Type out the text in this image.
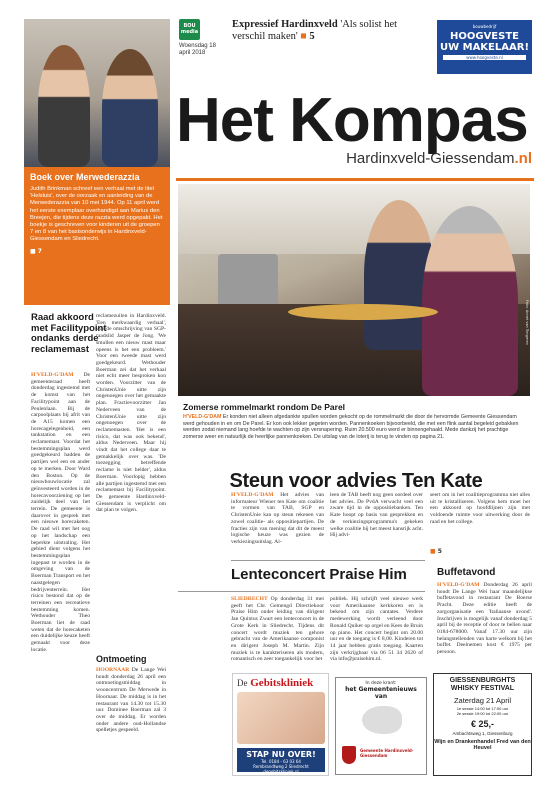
BOU
media
Woensdag 18 april 2018
Expressief Hardinxveld 'Als solist het verschil maken' ■ 5
bouwbedrijf
HOOGVESTE
UW MAKELAAR!
www.hoogveste.nl
Het Kompas
Hardinxveld-Giessendam.nl
Boek over Merwederazzia
Judith Brinkman schreef een verhaal met de titel 'Helsluis', over de oorzaak en aanleiding van de Merwederazzia van 10 mei 1944. Op 11 april werd het eerste exemplaar overhandigd aan Marius den Breejen, die tijdens deze razzia werd opgepakt. Het boekje is geschreven voor kinderen uit de groepen 7 en 8 van het basisonderwijs in Hardinxveld-Giessendam en Sliedrecht.
■ 7
Raad akkoord met Facilitypoint ondanks derde reclamemast
H'VELD-G'DAM De gemeenteraad heeft donderdag ingestemd met de komst van het Facilitypoint aan de Peulenlaan. Bij de carpoolplaats bij afrit van de A15 komen een horecagelegenheid, een tankstation en een reclamemast. Voordat het bestemmingsplan werd goedgekeurd hadden de partijen wel een en ander op te merken. Door Ward den Boston. Op de nieuwbouwlocatie zal geïnvesteerd worden in de horecavoorziening op het zuidelijk deel van het terrein. De gemeente is daarover in gesprek met een nieuwe horecaketen. De raad wil met het oog op het landschap een beperkte uitstraling. Het gebied dient volgens het bestemmingsplan ingepast te worden in de omgeving van de Boerman Transport en het naastgelegen bedrijventerrein. Het risico bestond dat op de terreinen een recreatieve bestemming komen. Wethouder Theo Boerman liet de raad weten dat de horecaketen een duidelijke keuze heeft gemaakt voor deze locatie.
reclamezuilen in Hardinxveld. 'Een merkwaardig verhaal', was de omschrijving van SGP-raadslid Jasper de Jong. 'We smullen een nieuw mast maar opeens is het een probleem.' Voor een tweede mast werd goedgekeurd. Wethouder Boerman zei dat het verhaal niet echt meer besproken kon worden. Voorzitter van de ChristenUnie uitte zijn ongenoegen over het gemaakte plan. Fractievoorzitter Jan Nederveen van de ChristenUnie uitte zijn ongenoegen over de reclamemasten. 'Het is een risico, dat was ook bekend', aldus Nederveen. Maar hij vindt dat het college daar te gemakkelijk over was. 'De toezegging betreffende reclame is niet helder', aldus Boerman. Voorlopig hebben alle partijen ingestemd met een reclamemast bij Facilitypoint. De gemeente Hardinxveld-Giessendam is verplicht om dat plan te volgen.
Ontmoeting
HOORNAAR De Lange Wei houdt donderdag 26 april een ontmoetingsmiddag in wooncentrum De Merwede in Hoornaar. De middag is in het restaurant van 14.30 tot 15.30 uur. Dominee Boerman zal 3 over de middag. Er worden onder andere oud-Hollandse spelletjes gespeeld.
Foto: Annet van Tongeren
Zomerse rommelmarkt rondom De Parel
H'VELD-G'DAM Er konden niet alleen afgedankte spullen worden gekocht op de rommelmarkt die door de hervormde Gemeente Giessendam werd gehouden in en om De Parel. Er kon ook lekker gegeten worden. Pannenkoeken bijvoorbeeld, die met een flink aantal begeleid gebakken werden zodat niemand lang hoefde te wachten op zijn versnapering. Ruim 20.500 euro werd er binnengehaald. Mede dankzij het prachtige zomerse weer en natuurlijk de heerlijke pannenkoeken. De uitslag van de loterij is terug te vinden op pagina 21.
Steun voor advies Ten Kate
H'VELD-G'DAM Het advies van informateur Wiener ten Kate om coalitie te vormen van TAB, SGP en ChristenUnie kan op steun rekenen van zowel coalitie- als oppositiepartijen. De fracties zijn van mening dat dit de meest logische keuze was gezien de verkiezingsuitslag. Al-
leen de TAB heeft nog geen oordeel over het advies. De PvdA verwacht veel een zware tijd in de oppositiebanken. Ten Kate hoopt op basis van gesprekken en de verkiezingsprogramma's gekeken welke coalitie bij het meest kansrijk acht. Hij advi-
seert om in het coalitieprogramma niet alles uit te kristalliseren. Volgens hem moet het een akkoord op hoofdlijnen zijn met voldoende ruimte voor uitwerking door de raad en het college.
■ 5
Lenteconcert Praise Him
SLIEDRECHT Op donderdag 31 mei geeft het Chr. Gemengd Directiekoor Praise Him onder leiding van dirigent Jan Quintus Zwart een lenteconcert in de Grote Kerk in Sliedrecht. Tijdens dit concert wordt muziek ten gehore gebracht van de Amerikaanse componist en dirigent Joseph M. Martin. Zijn muziek is te karakteriseren als modern, romantisch en zeer toegankelijk voor het
publiek. Hij schrijft veel nieuwe werk voor Amerikaanse kerkkoren en is bekend om zijn cantates. Verdere medewerking wordt verleend door Ronald Quiker op orgel en Kees de Bruin op piano. Het concert begint om 20.00 uur en de toegang is € 8,00. Kinderen tot 14 jaar hebben gratis toegang. Kaarten zijn verkrijgbaar via 06 51 34 2620 of via info@praisehim.nl.
Buffetavond
H'VELD-G'DAM Donderdag 26 april houdt De Lange Wei haar maandelijkse buffetavond in restaurant De Boerse Pracht. Deze editie heeft de zorgorganisatie een 'Italiaanse avond'. Inschrijven is mogelijk vanaf donderdag 5 april bij de receptie of door te bellen naar 0184-678000. Vanaf 17.30 uur zijn belangstellenden van harte welkom bij het buffet. Deelnemen kost € 1975 per persoon.
De Gebitskliniek
STAP NU OVER!
Tel. 0184 - 63 03 64
Rembrandtweg 2 Sliedrecht
degebitskliniek.nl
In deze krant:
het Gemeentenieuws van
Gemeente Hardinxveld-Giessendam
GIESSENBURGHTS
WHISKY FESTIVAL
Zaterdag 21 April
1e sessie 14:00 tot 17:00 uur
2e sessie 19:00 tot 22:00 uur
€ 25,-
Ambachtsweg 1, Giessenburg
Wijn en Drankenhandel Fred van den Heuvel
